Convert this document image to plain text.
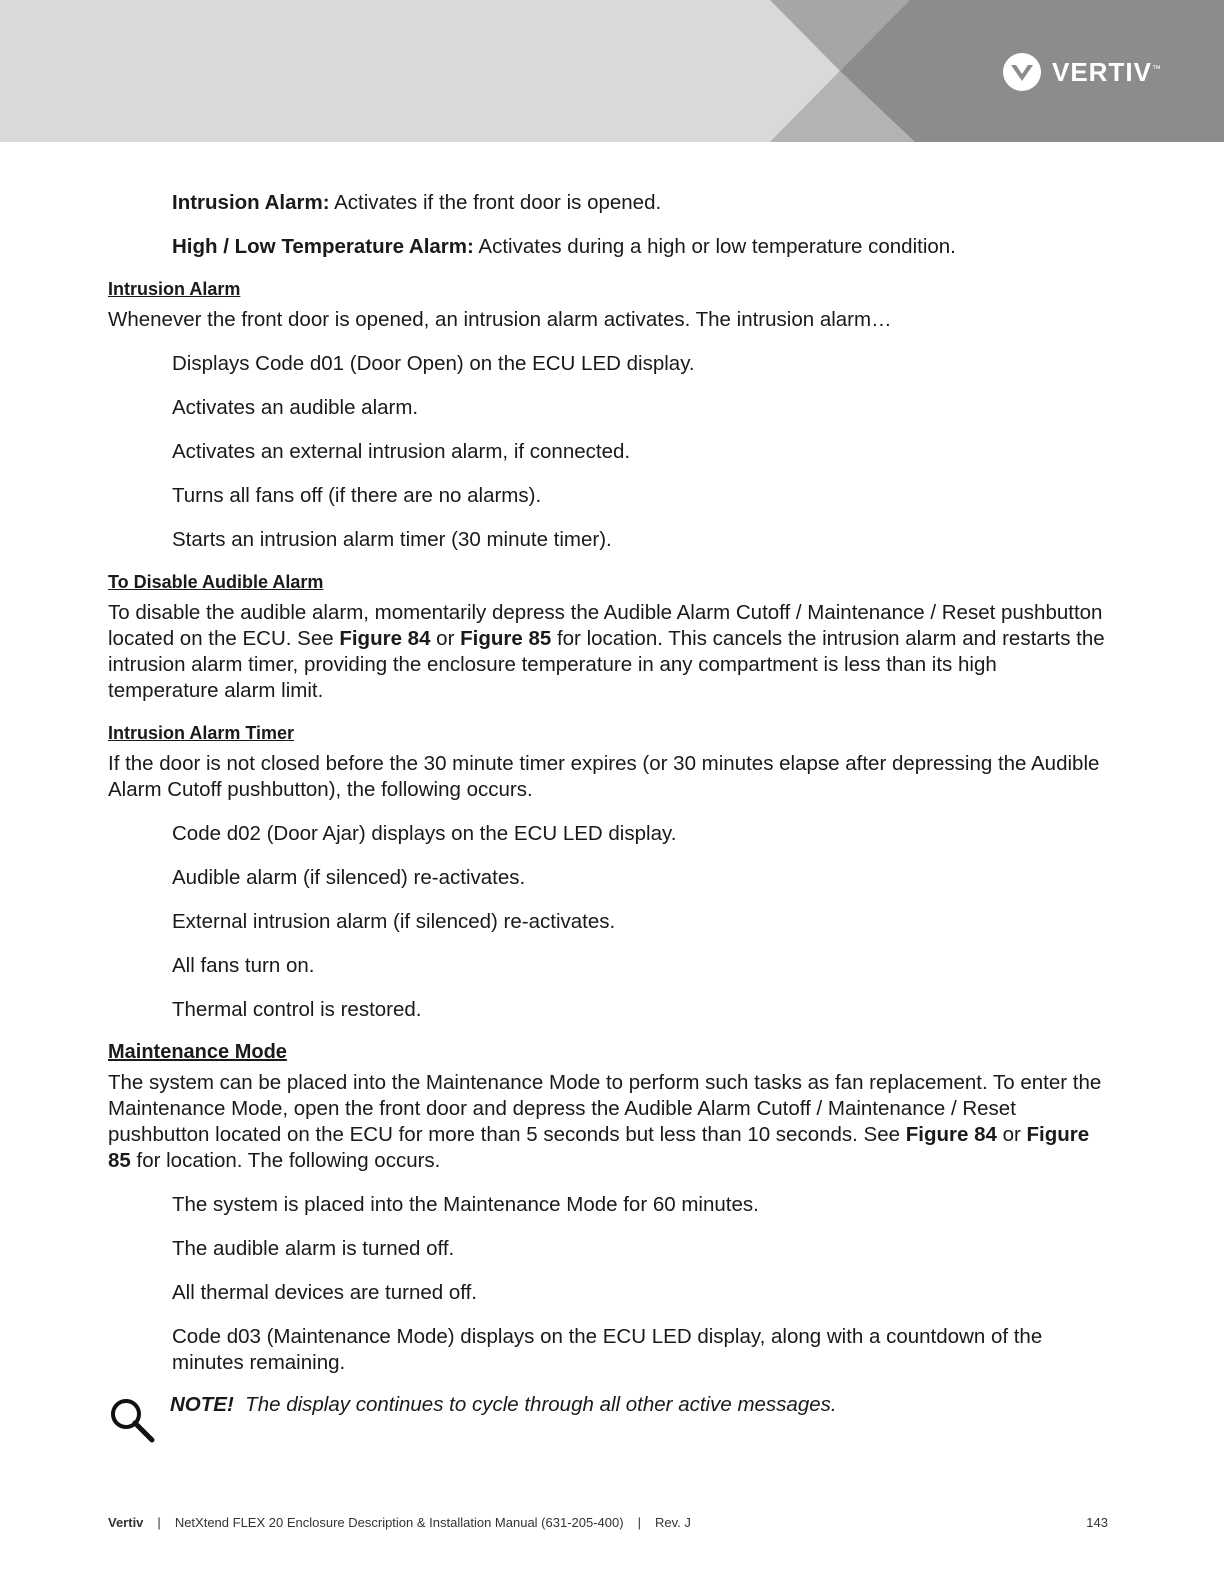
VERTIV™

Intrusion Alarm: Activates if the front door is opened.

High / Low Temperature Alarm: Activates during a high or low temperature condition.

Intrusion Alarm

Whenever the front door is opened, an intrusion alarm activates. The intrusion alarm…

Displays Code d01 (Door Open) on the ECU LED display.

Activates an audible alarm.

Activates an external intrusion alarm, if connected.

Turns all fans off (if there are no alarms).

Starts an intrusion alarm timer (30 minute timer).

To Disable Audible Alarm

To disable the audible alarm, momentarily depress the Audible Alarm Cutoff / Maintenance / Reset pushbutton located on the ECU. See Figure 84 or Figure 85 for location. This cancels the intrusion alarm and restarts the intrusion alarm timer, providing the enclosure temperature in any compartment is less than its high temperature alarm limit.

Intrusion Alarm Timer

If the door is not closed before the 30 minute timer expires (or 30 minutes elapse after depressing the Audible Alarm Cutoff pushbutton), the following occurs.

Code d02 (Door Ajar) displays on the ECU LED display.

Audible alarm (if silenced) re-activates.

External intrusion alarm (if silenced) re-activates.

All fans turn on.

Thermal control is restored.

Maintenance Mode

The system can be placed into the Maintenance Mode to perform such tasks as fan replacement. To enter the Maintenance Mode, open the front door and depress the Audible Alarm Cutoff / Maintenance / Reset pushbutton located on the ECU for more than 5 seconds but less than 10 seconds. See Figure 84 or Figure 85 for location. The following occurs.

The system is placed into the Maintenance Mode for 60 minutes.

The audible alarm is turned off.

All thermal devices are turned off.

Code d03 (Maintenance Mode) displays on the ECU LED display, along with a countdown of the minutes remaining.

NOTE!  The display continues to cycle through all other active messages.

Vertiv | NetXtend FLEX 20 Enclosure Description & Installation Manual (631-205-400) | Rev. J	143
